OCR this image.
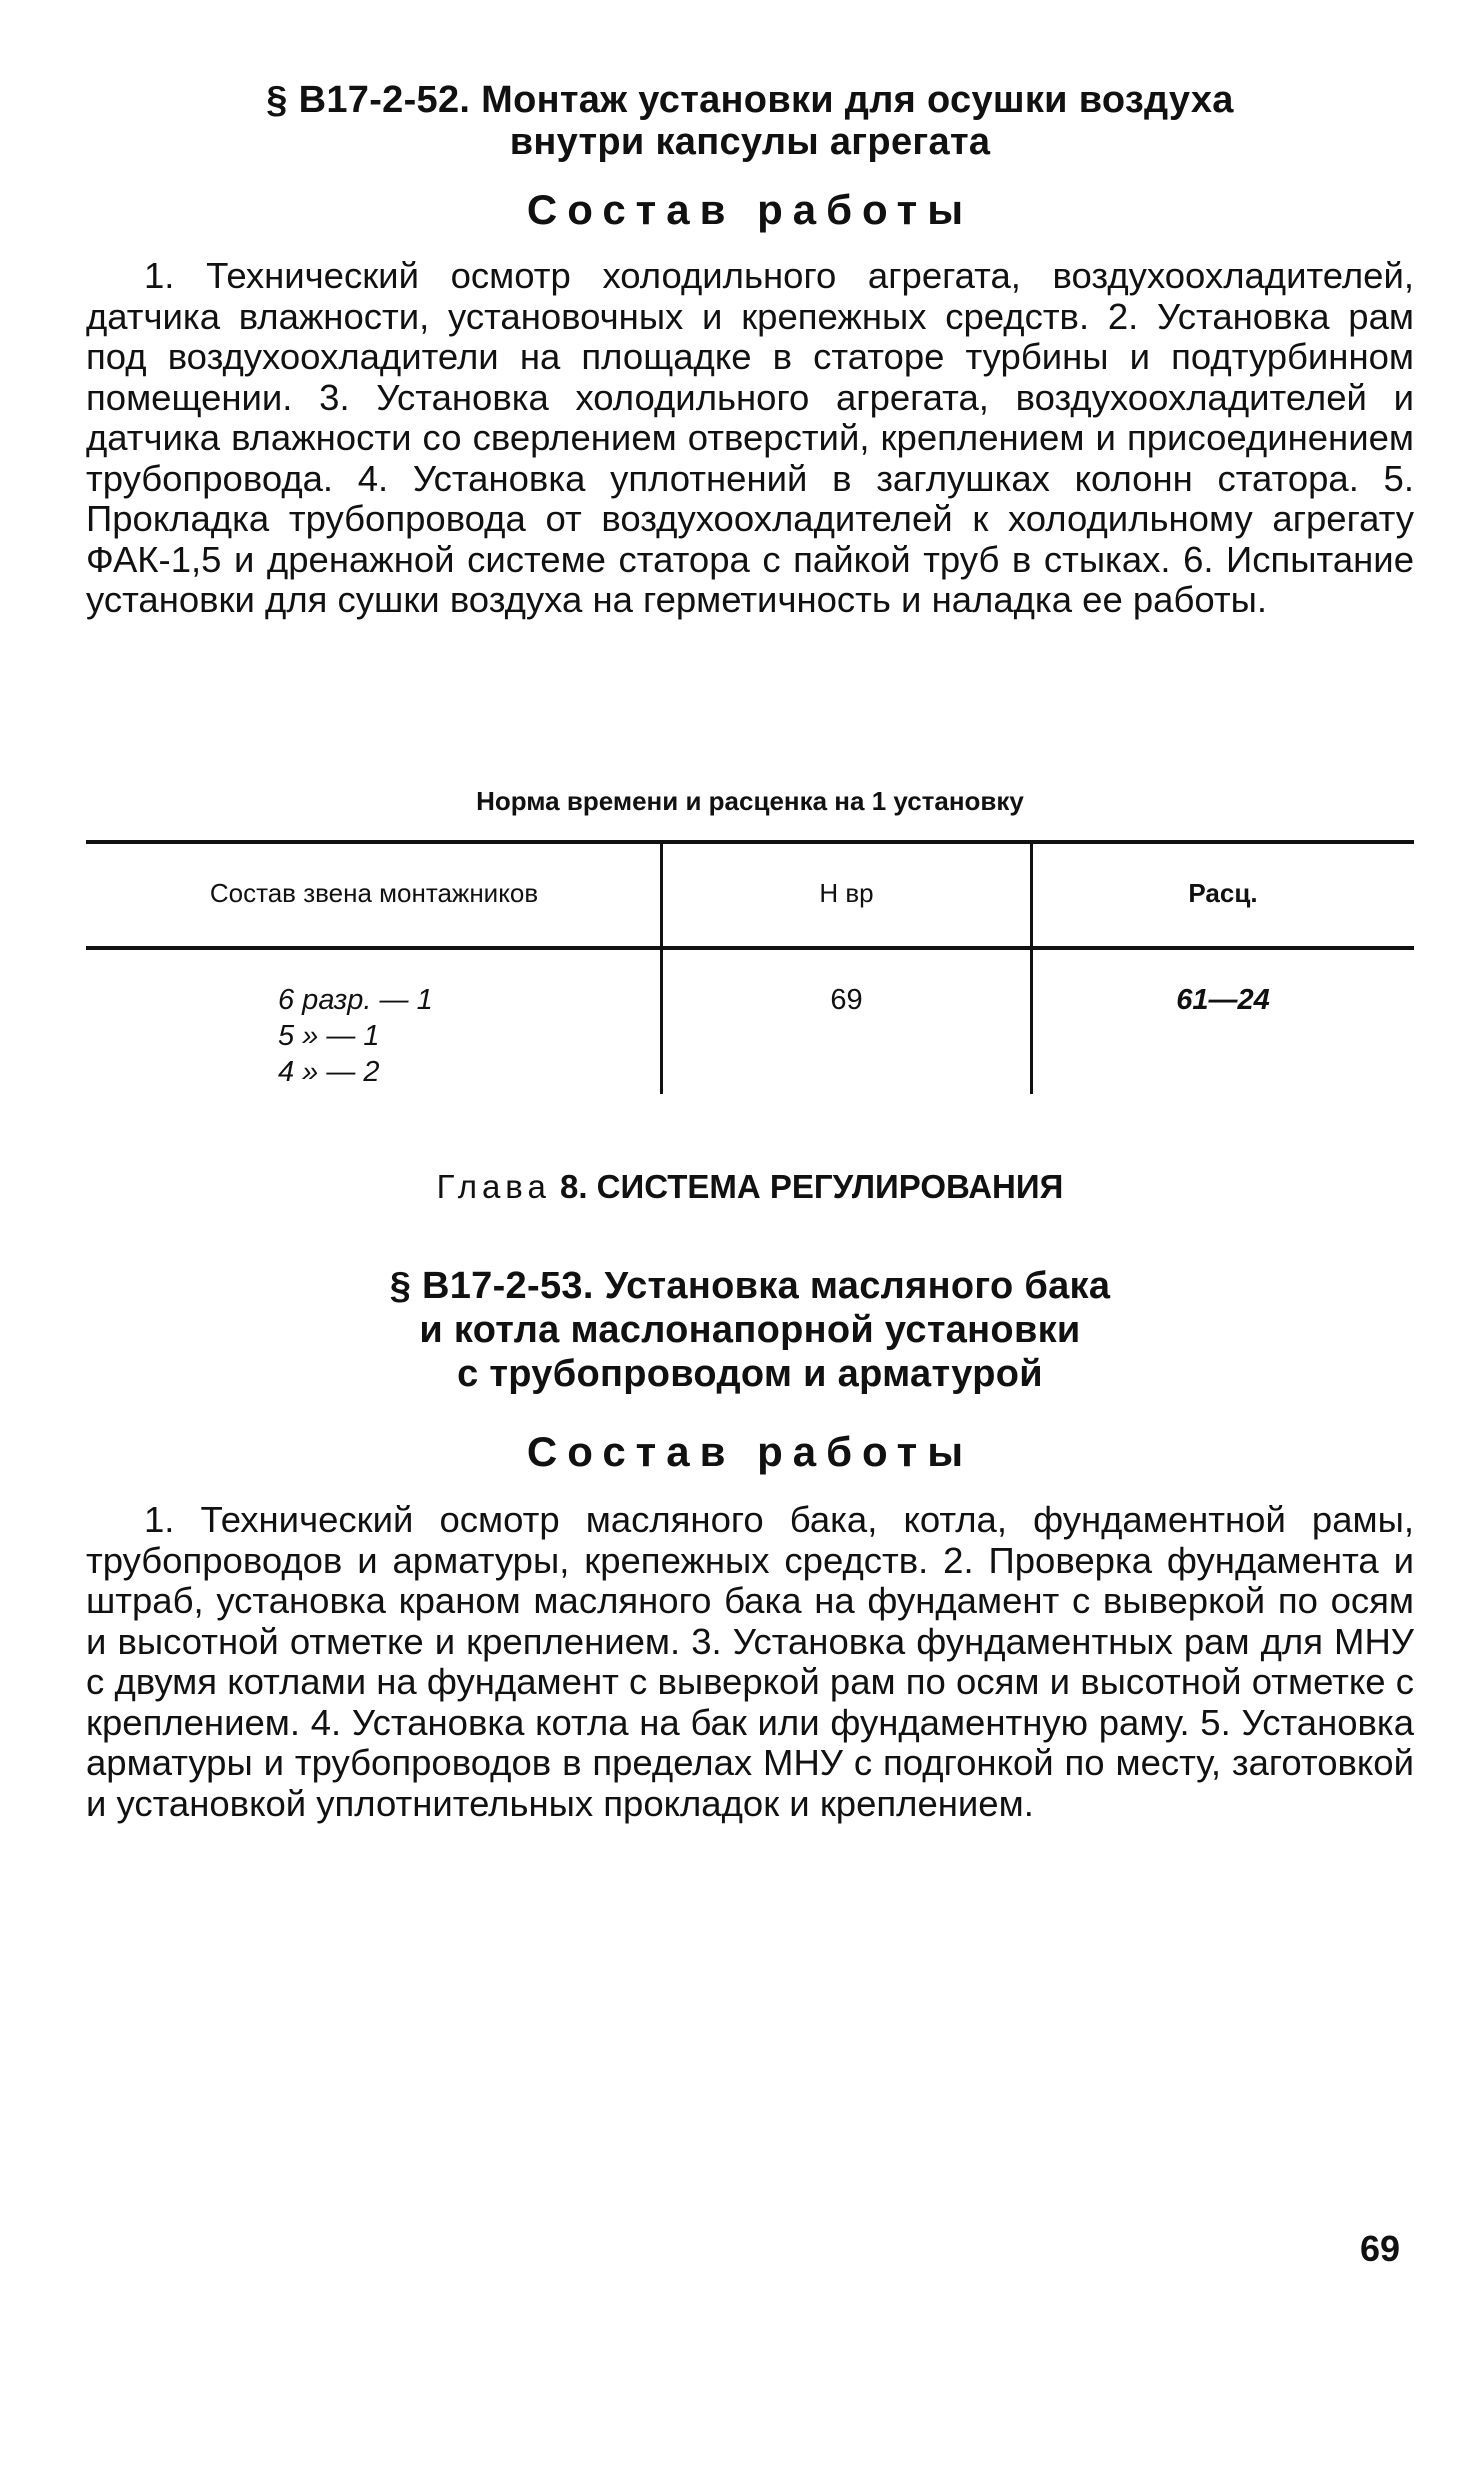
§ В17-2-52. Монтаж установки для осушки воздуха
внутри капсулы агрегата
Состав работы

1. Технический осмотр холодильного агрегата, воздухоохладителей, датчика влажности, установочных и крепежных средств. 2. Установка рам под воздухоохладители на площадке в статоре турбины и подтурбинном помещении. 3. Установка холодильного агрегата, воздухоохладителей и датчика влажности со сверлением отверстий, креплением и присоединением трубопровода. 4. Установка уплотнений в заглушках колонн статора. 5. Прокладка трубопровода от воздухоохладителей к холодильному агрегату ФАК-1,5 и дренажной системе статора с пайкой труб в стыках. 6. Испытание установки для сушки воздуха на герметичность и наладка ее работы.

Норма времени и расценка на 1 установку
Состав звена монтажников	Н вр	Расц.
6 разр. — 1
5 » — 1
4 » — 2
69	61—24
Глава 8. СИСТЕМА РЕГУЛИРОВАНИЯ
§ В17-2-53. Установка масляного бака
и котла маслонапорной установки
с трубопроводом и арматурой
Состав работы

1. Технический осмотр масляного бака, котла, фундаментной рамы, трубопроводов и арматуры, крепежных средств. 2. Проверка фундамента и штраб, установка краном масляного бака на фундамент с выверкой по осям и высотной отметке и креплением. 3. Установка фундаментных рам для МНУ с двумя котлами на фундамент с выверкой рам по осям и высотной отметке с креплением. 4. Установка котла на бак или фундаментную раму. 5. Установка арматуры и трубопроводов в пределах МНУ с подгонкой по месту, заготовкой и установкой уплотнительных прокладок и креплением.

69
